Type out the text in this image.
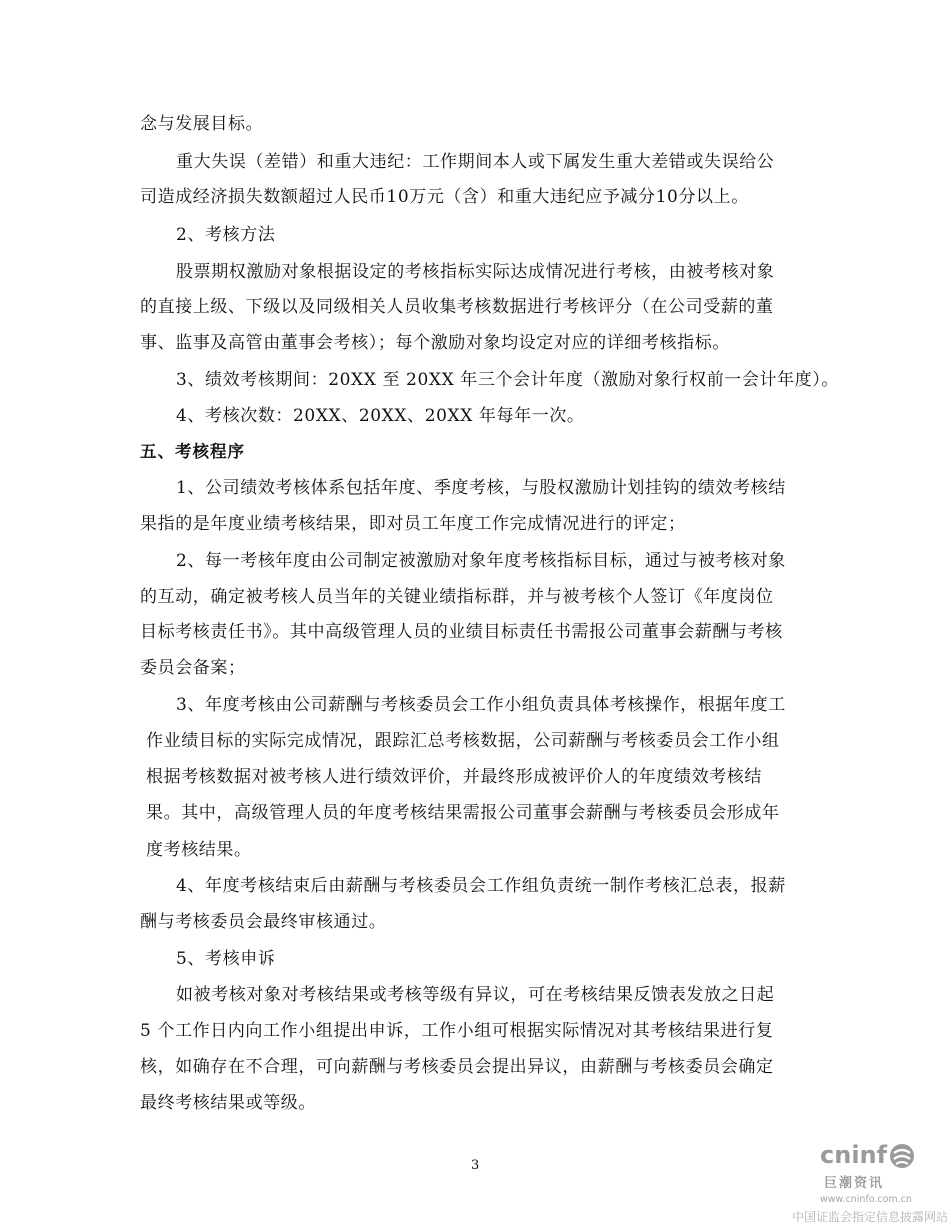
念与发展目标。
重大失误（差错）和重大违纪：工作期间本人或下属发生重大差错或失误给公
司造成经济损失数额超过人民币10万元（含）和重大违纪应予减分10分以上。
2、考核方法
股票期权激励对象根据设定的考核指标实际达成情况进行考核，由被考核对象
的直接上级、下级以及同级相关人员收集考核数据进行考核评分（在公司受薪的董
事、监事及高管由董事会考核）；每个激励对象均设定对应的详细考核指标。
3、绩效考核期间：20XX 至 20XX 年三个会计年度（激励对象行权前一会计年度）。
4、考核次数：20XX、20XX、20XX 年每年一次。
五、考核程序
1、公司绩效考核体系包括年度、季度考核，与股权激励计划挂钩的绩效考核结
果指的是年度业绩考核结果，即对员工年度工作完成情况进行的评定；
2、每一考核年度由公司制定被激励对象年度考核指标目标，通过与被考核对象
的互动，确定被考核人员当年的关键业绩指标群，并与被考核个人签订《年度岗位
目标考核责任书》。其中高级管理人员的业绩目标责任书需报公司董事会薪酬与考核
委员会备案；
3、年度考核由公司薪酬与考核委员会工作小组负责具体考核操作，根据年度工
作业绩目标的实际完成情况，跟踪汇总考核数据，公司薪酬与考核委员会工作小组
根据考核数据对被考核人进行绩效评价，并最终形成被评价人的年度绩效考核结
果。其中，高级管理人员的年度考核结果需报公司董事会薪酬与考核委员会形成年
度考核结果。
4、年度考核结束后由薪酬与考核委员会工作组负责统一制作考核汇总表，报薪
酬与考核委员会最终审核通过。
5、考核申诉
如被考核对象对考核结果或考核等级有异议，可在考核结果反馈表发放之日起
5 个工作日内向工作小组提出申诉，工作小组可根据实际情况对其考核结果进行复
核，如确存在不合理，可向薪酬与考核委员会提出异议，由薪酬与考核委员会确定
最终考核结果或等级。
3	cninf
巨潮资讯
www.cninfo.com.cn
中国证监会指定信息披露网站
